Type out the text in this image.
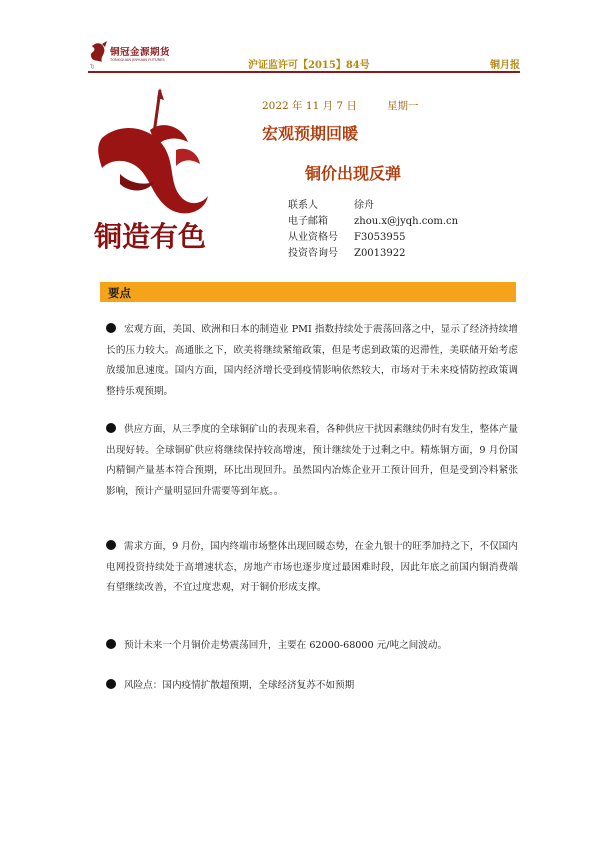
TJ
铜冠金源期货
TONGGUAN JINYUAN FUTURES	沪证监许可【2015】84号	铜月报
铜造有色
2022 年 11 月 7 日	星期一
宏观预期回暖
铜价出现反弹
联系人	徐舟
电子邮箱	zhou.x@jyqh.com.cn
从业资格号 F3053955
投资咨询号 Z0013922
要点
宏观方面，美国、欧洲和日本的制造业 PMI 指数持续处于震荡回落之中，显示了经济持续增长的压力较大。高通胀之下，欧美将继续紧缩政策，但是考虑到政策的迟滞性，美联储开始考虑放缓加息速度。国内方面，国内经济增长受到疫情影响依然较大，市场对于未来疫情防控政策调整持乐观预期。
供应方面，从三季度的全球铜矿山的表现来看，各种供应干扰因素继续仍时有发生，整体产量出现好转。全球铜矿供应将继续保持较高增速，预计继续处于过剩之中。精炼铜方面，9 月份国内精铜产量基本符合预期，环比出现回升。虽然国内冶炼企业开工预计回升，但是受到冷料紧张影响，预计产量明显回升需要等到年底。。
需求方面，9 月份，国内终端市场整体出现回暖态势，在金九银十的旺季加持之下，不仅国内电网投资持续处于高增速状态，房地产市场也逐步度过最困难时段，因此年底之前国内铜消费端有望继续改善，不宜过度悲观，对于铜价形成支撑。
预计未来一个月铜价走势震荡回升，主要在 62000-68000 元/吨之间波动。
风险点：国内疫情扩散超预期，全球经济复苏不如预期
